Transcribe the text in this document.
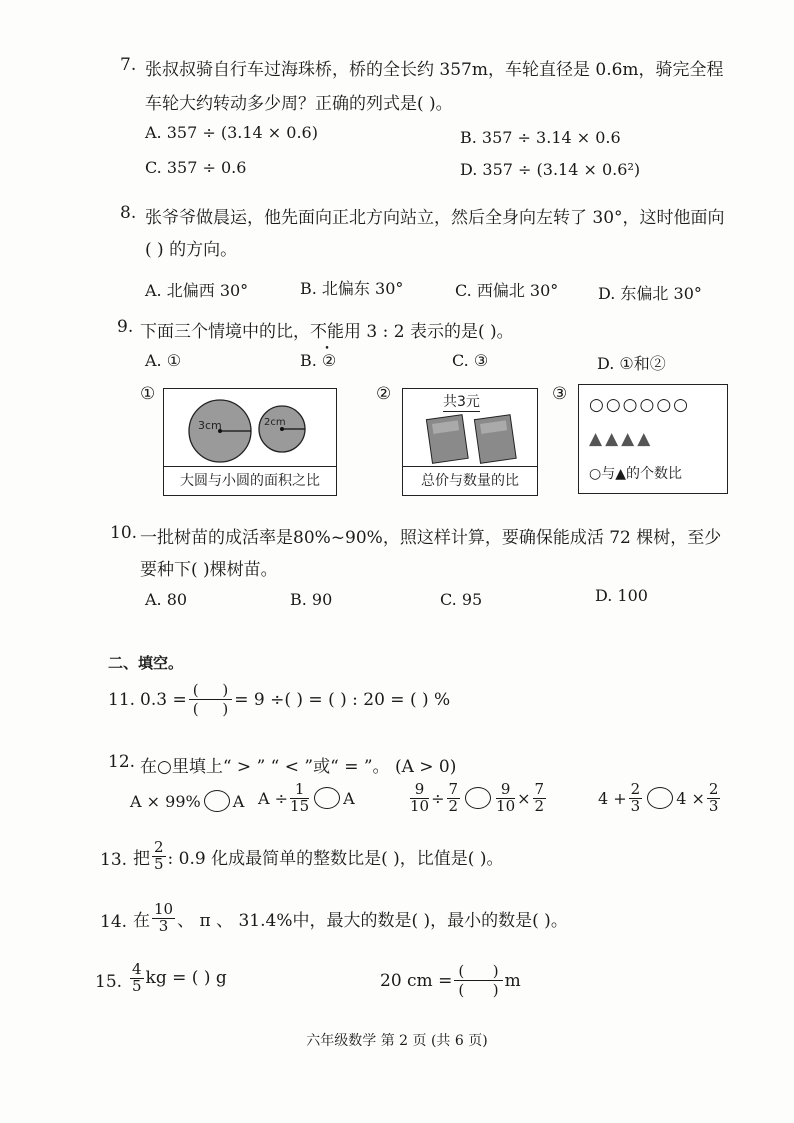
7. 张叔叔骑自行车过海珠桥，桥的全长约 357m，车轮直径是 0.6m，骑完全程
车轮大约转动多少周？正确的列式是( )。
A. 357 ÷ (3.14 × 0.6)	B. 357 ÷ 3.14 × 0.6
C. 357 ÷ 0.6	D. 357 ÷ (3.14 × 0.6²)
8. 张爷爷做晨运，他先面向正北方向站立，然后全身向左转了 30°，这时他面向
( ) 的方向。
A. 北偏西 30°	B. 北偏东 30°	C. 西偏北 30° D. 东偏北 30°
9. 下面三个情境中的比，不能用 3 : 2 表示的是( )。
A. ①	B. ②	C. ③	D. ①和②
①
3cm	2cm
大圆与小圆的面积之比
②	共3元
总价与数量的比
③
○○○○○○
▲▲▲▲
○与▲的个数比
10. 一批树苗的成活率是80%~90%，照这样计算，要确保能成活 72 棵树，至少
要种下( )棵树苗。
A. 80	B. 90	C. 95	D. 100
二、填空。
11. $0.3 = \frac{( )}{( )} = 9$ ÷( ) = ( ) : 20 = ( ) %
12. 在○里填上“ > ” “ < ”或“ = ”。 (A > 0)
A × 99% A $A \div \frac{1}{15}$ A	$\frac{9}{10} \div \frac{7}{2} \frac{9}{10} \times \frac{7}{2}$	$4 + \frac{2}{3} 4 \times \frac{2}{3}$
13. 把 $\frac{2}{5}$ : 0.9 化成最简单的整数比是( )，比值是( )。
14. 在 $\frac{10}{3}$ 、 π 、 31.4%中，最大的数是( )，最小的数是( )。
15. $\frac{4}{5}$ kg = ( ) g	20 cm = $\frac{( )}{( )}$ m
六年级数学 第 2 页 (共 6 页)
